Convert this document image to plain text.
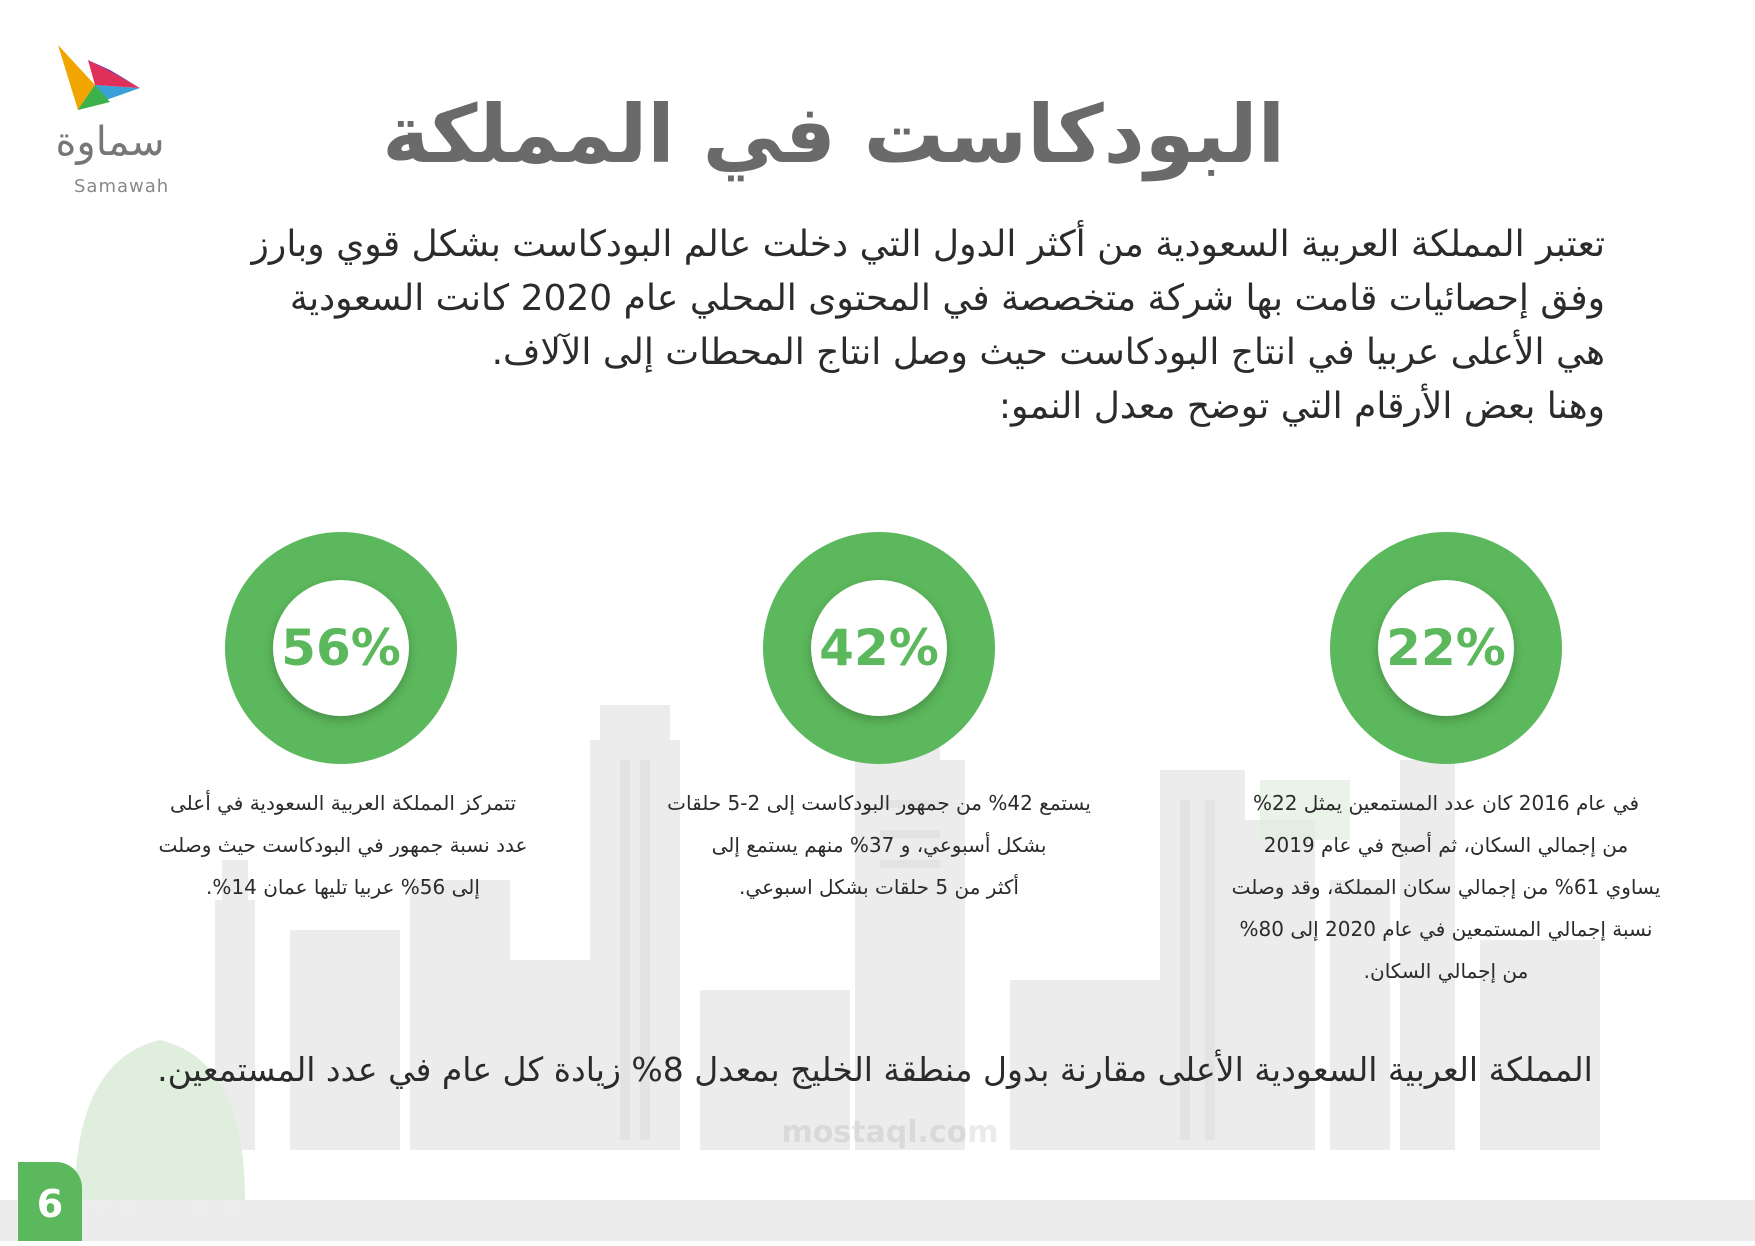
سماوة
Samawah
البودكاست في المملكة

تعتبر المملكة العربية السعودية من أكثر الدول التي دخلت عالم البودكاست بشكل قوي وبارز

وفق إحصائيات قامت بها شركة متخصصة في المحتوى المحلي عام 2020 كانت السعودية

هي الأعلى عربيا في انتاج البودكاست حيث وصل انتاج المحطات إلى الآلاف.

وهنا بعض الأرقام التي توضح معدل النمو:

22%
في عام 2016 كان عدد المستمعين يمثل 22%
من إجمالي السكان، ثم أصبح في عام 2019
يساوي 61% من إجمالي سكان المملكة، وقد وصلت
نسبة إجمالي المستمعين في عام 2020 إلى 80%
من إجمالي السكان.
42%
يستمع 42% من جمهور البودكاست إلى 2-5 حلقات
بشكل أسبوعي، و 37% منهم يستمع إلى
أكثر من 5 حلقات بشكل اسبوعي.
56%
تتمركز المملكة العربية السعودية في أعلى
عدد نسبة جمهور في البودكاست حيث وصلت
إلى 56% عربيا تليها عمان 14%.

المملكة العربية السعودية الأعلى مقارنة بدول منطقة الخليج بمعدل 8% زيادة كل عام في عدد المستمعين.

mostaql.com
6
